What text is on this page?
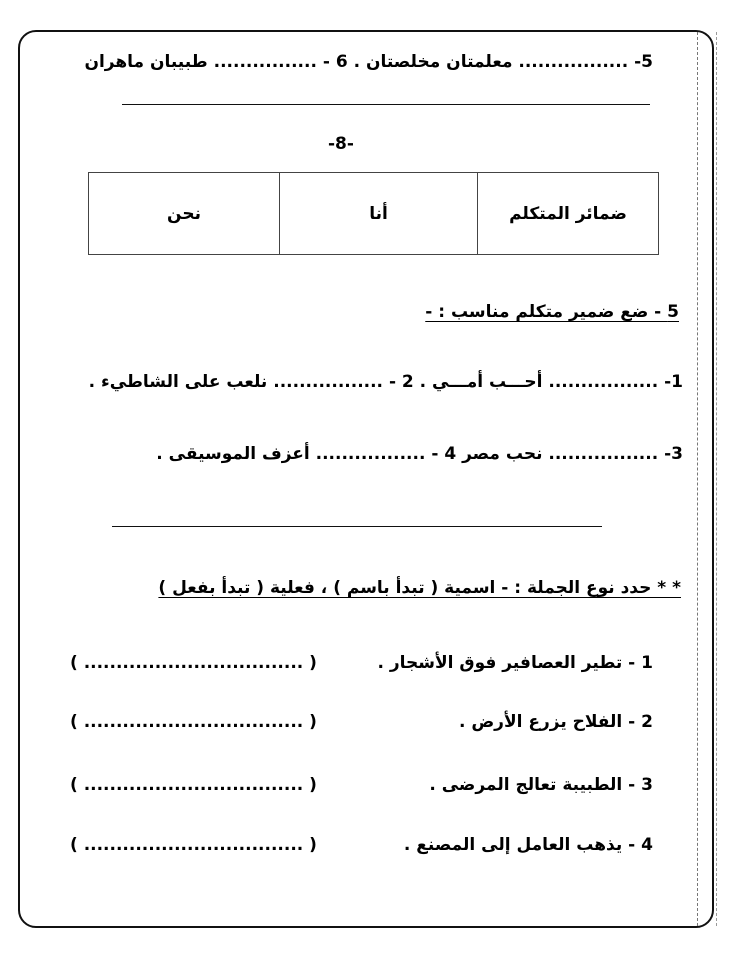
5- ................. معلمتان مخلصتان . 6 - ................ طبيبان ماهران
-8-
ضمائر المتكلم	أنا	نحن
5 - ضع ضمير متكلم مناسب : -
1- ................. أحـــب أمـــي . 2 - ................. نلعب على الشاطيء .
3- ................. نحب مصر 4 - ................. أعزف الموسيقى .
* * حدد نوع الجملة : - اسمية ( تبدأ باسم ) ، فعلية ( تبدأ بفعل )
1 - تطير العصافير فوق الأشجار .
( .................................. )
2 - الفلاح يزرع الأرض .
( .................................. )
3 - الطبيبة تعالج المرضى .
( .................................. )
4 - يذهب العامل إلى المصنع .
( .................................. )
